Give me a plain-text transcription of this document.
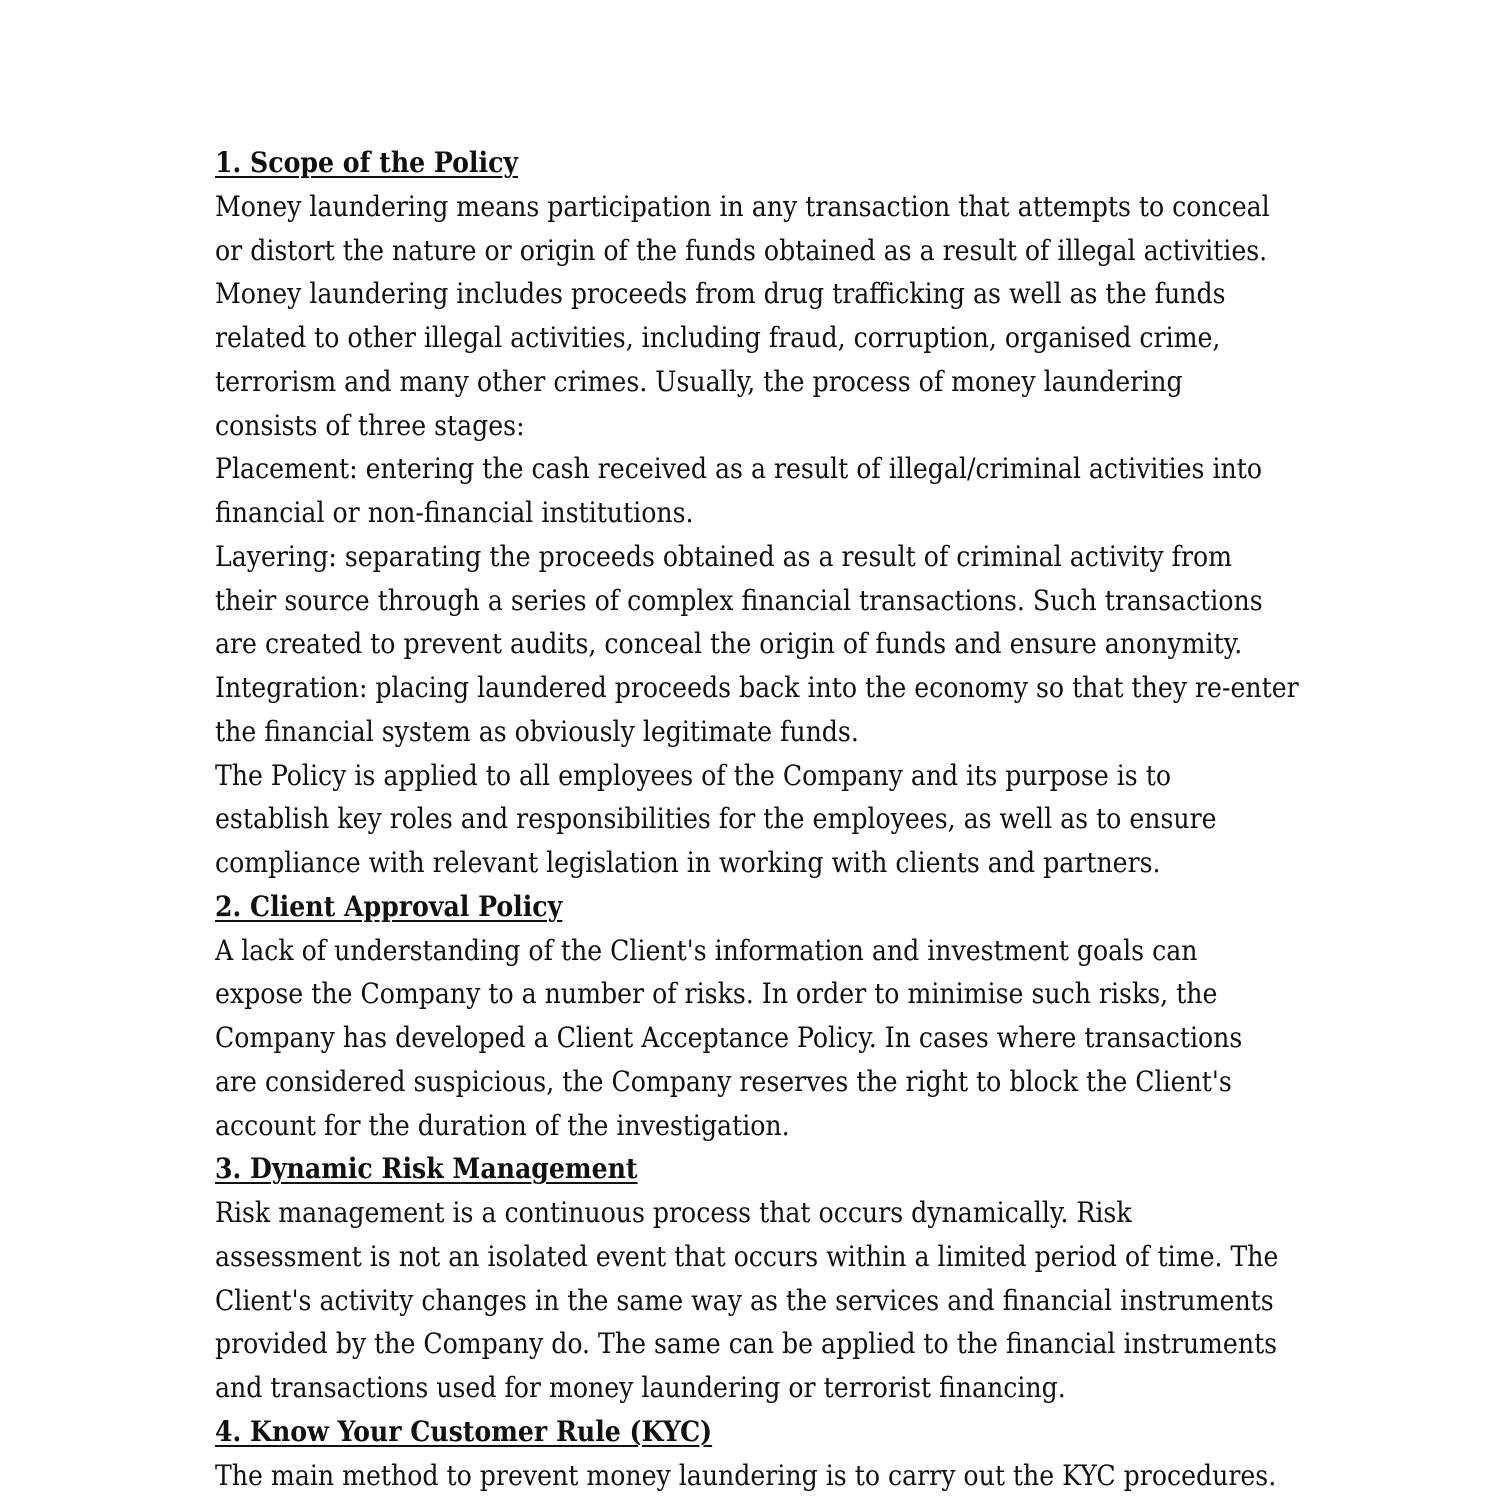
1. Scope of the Policy
Money laundering means participation in any transaction that attempts to conceal
or distort the nature or origin of the funds obtained as a result of illegal activities.
Money laundering includes proceeds from drug trafficking as well as the funds
related to other illegal activities, including fraud, corruption, organised crime,
terrorism and many other crimes. Usually, the process of money laundering
consists of three stages:
Placement: entering the cash received as a result of illegal/criminal activities into
financial or non-financial institutions.
Layering: separating the proceeds obtained as a result of criminal activity from
their source through a series of complex financial transactions. Such transactions
are created to prevent audits, conceal the origin of funds and ensure anonymity.
Integration: placing laundered proceeds back into the economy so that they re-enter
the financial system as obviously legitimate funds.
The Policy is applied to all employees of the Company and its purpose is to
establish key roles and responsibilities for the employees, as well as to ensure
compliance with relevant legislation in working with clients and partners.
2. Client Approval Policy
A lack of understanding of the Client's information and investment goals can
expose the Company to a number of risks. In order to minimise such risks, the
Company has developed a Client Acceptance Policy. In cases where transactions
are considered suspicious, the Company reserves the right to block the Client's
account for the duration of the investigation.
3. Dynamic Risk Management
Risk management is a continuous process that occurs dynamically. Risk
assessment is not an isolated event that occurs within a limited period of time. The
Client's activity changes in the same way as the services and financial instruments
provided by the Company do. The same can be applied to the financial instruments
and transactions used for money laundering or terrorist financing.
4. Know Your Customer Rule (KYC)
The main method to prevent money laundering is to carry out the KYC procedures.
